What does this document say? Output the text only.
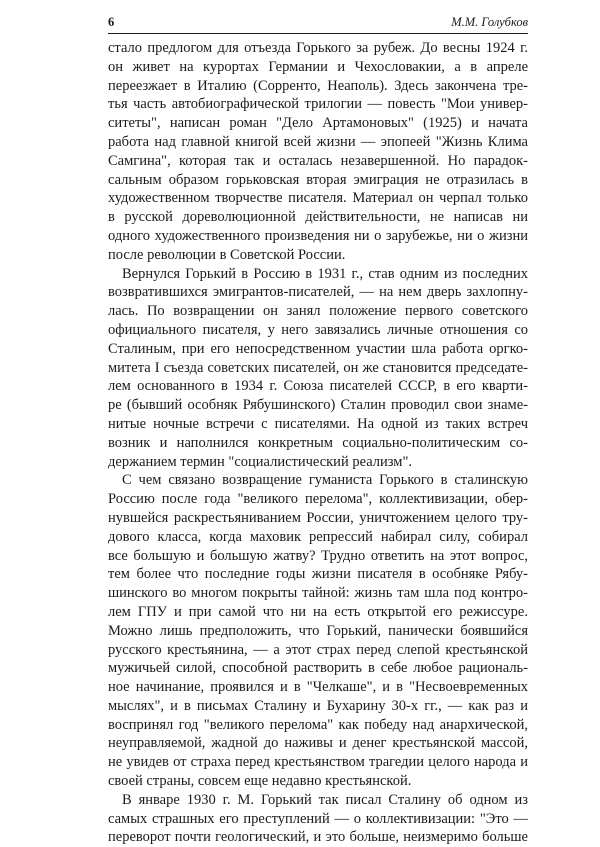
6	М.М. Голубков
стало предлогом для отъезда Горького за рубеж. До весны 1924 г.
он живет на курортах Германии и Чехословакии, а в апреле
переезжает в Италию (Сорренто, Неаполь). Здесь закончена тре-
тья часть автобиографической трилогии — повесть "Мои универ-
ситеты", написан роман "Дело Артамоновых" (1925) и начата
работа над главной книгой всей жизни — эпопеей "Жизнь Клима
Самгина", которая так и осталась незавершенной. Но парадок-
сальным образом горьковская вторая эмиграция не отразилась в
художественном творчестве писателя. Материал он черпал только
в русской дореволюционной действительности, не написав ни
одного художественного произведения ни о зарубежье, ни о жизни
после революции в Советской России.
Вернулся Горький в Россию в 1931 г., став одним из последних
возвратившихся эмигрантов-писателей, — на нем дверь захлопну-
лась. По возвращении он занял положение первого советского
официального писателя, у него завязались личные отношения со
Сталиным, при его непосредственном участии шла работа оргко-
митета I съезда советских писателей, он же становится председате-
лем основанного в 1934 г. Союза писателей СССР, в его кварти-
ре (бывший особняк Рябушинского) Сталин проводил свои знаме-
нитые ночные встречи с писателями. На одной из таких встреч
возник и наполнился конкретным социально-политическим со-
держанием термин "социалистический реализм".
С чем связано возвращение гуманиста Горького в сталинскую
Россию после года "великого перелома", коллективизации, обер-
нувшейся раскрестьяниванием России, уничтожением целого тру-
дового класса, когда маховик репрессий набирал силу, собирал
все большую и большую жатву? Трудно ответить на этот вопрос,
тем более что последние годы жизни писателя в особняке Рябу-
шинского во многом покрыты тайной: жизнь там шла под контро-
лем ГПУ и при самой что ни на есть открытой его режиссуре.
Можно лишь предположить, что Горький, панически боявшийся
русского крестьянина, — а этот страх перед слепой крестьянской
мужичьей силой, способной растворить в себе любое рациональ-
ное начинание, проявился и в "Челкаше", и в "Несвоевременных
мыслях", и в письмах Сталину и Бухарину 30-х гг., — как раз и
воспринял год "великого перелома" как победу над анархической,
неуправляемой, жадной до наживы и денег крестьянской массой,
не увидев от страха перед крестьянством трагедии целого народа и
своей страны, совсем еще недавно крестьянской.
В январе 1930 г. М. Горький так писал Сталину об одном из
самых страшных его преступлений — о коллективизации: "Это —
переворот почти геологический, и это больше, неизмеримо больше
